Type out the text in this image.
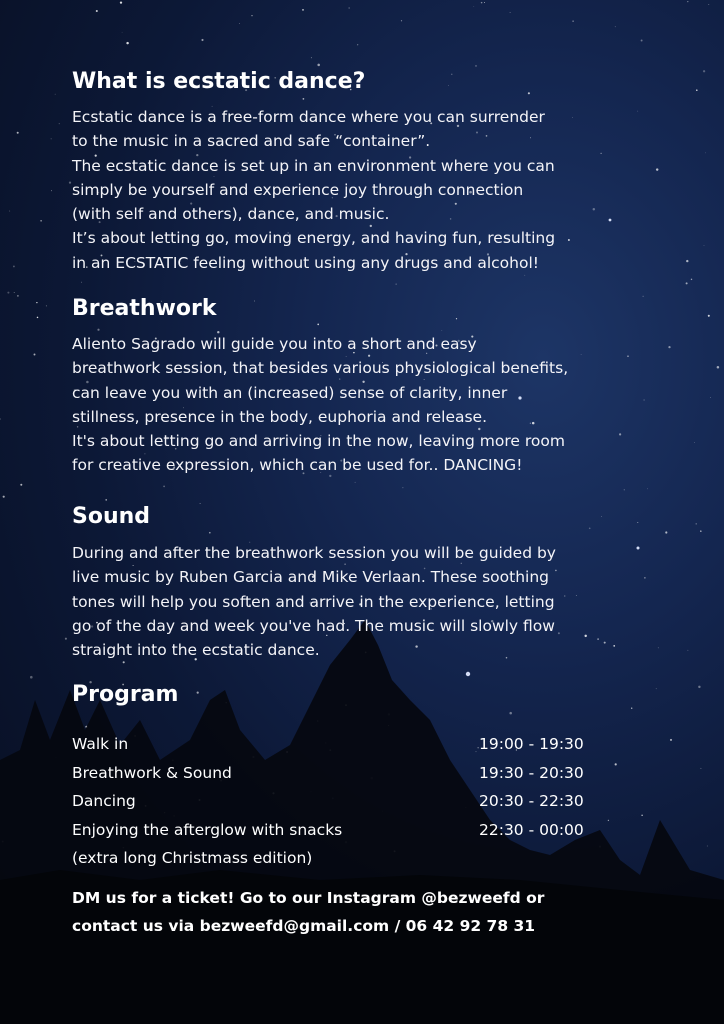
What is ecstatic dance?
Ecstatic dance is a free-form dance where you can surrender
to the music in a sacred and safe “container”.
The ecstatic dance is set up in an environment where you can
simply be yourself and experience joy through connection
(with self and others), dance, and music.
It’s about letting go, moving energy, and having fun, resulting
in an ECSTATIC feeling without using any drugs and alcohol!
Breathwork
Aliento Sagrado will guide you into a short and easy
breathwork session, that besides various physiological benefits,
can leave you with an (increased) sense of clarity, inner
stillness, presence in the body, euphoria and release.
It's about letting go and arriving in the now, leaving more room
for creative expression, which can be used for.. DANCING!
Sound
During and after the breathwork session you will be guided by
live music by Ruben Garcia and Mike Verlaan. These soothing
tones will help you soften and arrive in the experience, letting
go of the day and week you've had. The music will slowly flow
straight into the ecstatic dance.
Program
Walk in	19:00 - 19:30
Breathwork & Sound	19:30 - 20:30
Dancing	20:30 - 22:30
Enjoying the afterglow with snacks	22:30 - 00:00
(extra long Christmass edition)

DM us for a ticket! Go to our Instagram @bezweefd or
contact us via bezweefd@gmail.com / 06 42 92 78 31
